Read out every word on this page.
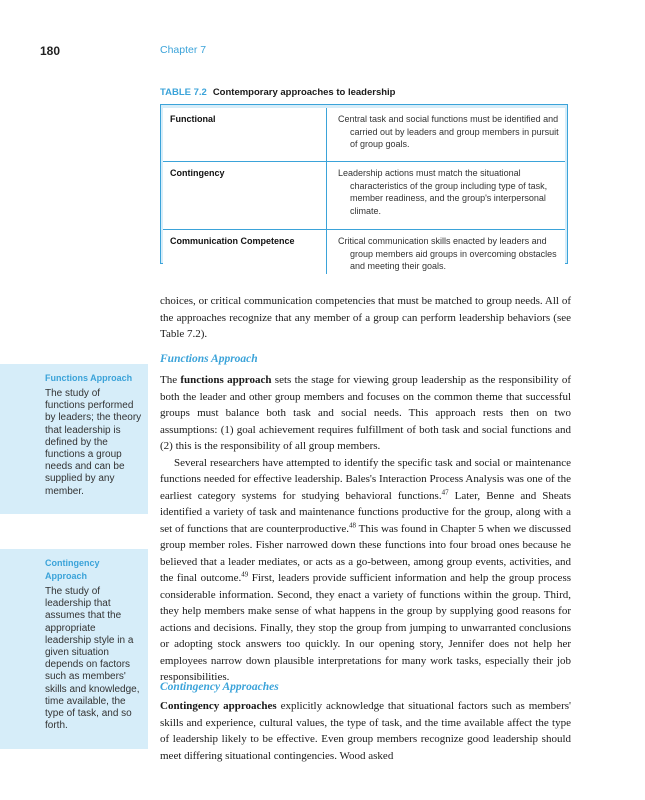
180	Chapter 7
TABLE 7.2 Contemporary approaches to leadership
Functional	Central task and social functions must be identified and carried out by leaders and group members in pursuit of group goals.

Contingency	Leadership actions must match the situational characteristics of the group including type of task, member readiness, and the group's interpersonal climate.

Communication Competence	Critical communication skills enacted by leaders and group members aid groups in overcoming obstacles and meeting their goals.

choices, or critical communication competencies that must be matched to group needs. All of the approaches recognize that any member of a group can perform leadership behaviors (see Table 7.2).

Functions Approach

The functions approach sets the stage for viewing group leadership as the responsibility of both the leader and other group members and focuses on the common theme that successful groups must balance both task and social needs. This approach rests then on two assumptions: (1) goal achievement requires fulfillment of both task and social functions and (2) this is the responsibility of all group members.

Several researchers have attempted to identify the specific task and social or maintenance functions needed for effective leadership. Bales's Interaction Process Analysis was one of the earliest category systems for studying behavioral functions.$^{47}$ Later, Benne and Sheats identified a variety of task and maintenance functions productive for the group, along with a set of functions that are counterproductive.$^{48}$ This was found in Chapter 5 when we discussed group member roles. Fisher narrowed down these functions into four broad ones because he believed that a leader mediates, or acts as a go-between, among group events, activities, and the final outcome.$^{49}$ First, leaders provide sufficient information and help the group process considerable information. Second, they enact a variety of functions within the group. Third, they help members make sense of what happens in the group by supplying good reasons for actions and decisions. Finally, they stop the group from jumping to unwarranted conclusions or adopting stock answers too quickly. In our opening story, Jennifer does not help her employees narrow down plausible interpretations for many work tasks, especially their job responsibilities.

Contingency Approaches

Contingency approaches explicitly acknowledge that situational factors such as members' skills and experience, cultural values, the type of task, and the time available affect the type of leadership likely to be effective. Even group members recognize good leadership should meet differing situational contingencies. Wood asked

Functions Approach
The study of functions performed by leaders; the theory that leadership is defined by the functions a group needs and can be supplied by any member.
Contingency Approach
The study of leadership that assumes that the appropriate leadership style in a given situation depends on factors such as members' skills and knowledge, time available, the type of task, and so forth.
